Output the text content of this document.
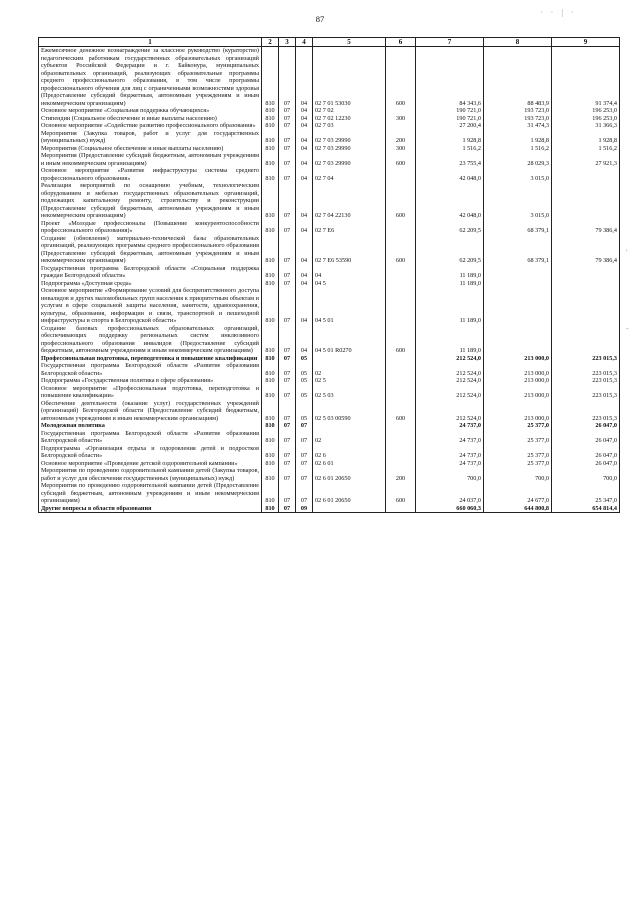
87
· · | ·
'
-
1	2	3	4	5	6	7	8	9
Ежемесячное денежное вознаграждение за классное руководство (кураторство) педагогическим работникам государственных образовательных организаций субъектов Российской Федерации и г. Байконура, муниципальных образовательных организаций, реализующих образовательные программы среднего профессионального образования, в том числе программы профессионального обучения для лиц с ограниченными возможностями здоровья (Предоставление субсидий бюджетным, автономным учреждениям и иным некоммерческим организациям)	810	07	04	02 7 01 53030	600	84 343,6	88 483,9	91 374,4
Основное мероприятие «Социальная поддержка обучающихся»	810	07	04	02 7 02		190 721,0	193 723,0	196 253,0
Стипендии (Социальное обеспечение и иные выплаты населению)	810	07	04	02 7 02 12230	300	190 721,0	193 723,0	196 253,0
Основное мероприятие «Содействие развитию профессионального образования»	810	07	04	02 7 03		27 200,4	31 474,3	31 366,3
Мероприятия (Закупка товаров, работ и услуг для государственных (муниципальных) нужд)	810	07	04	02 7 03 29990	200	1 928,8	1 928,8	1 928,8
Мероприятия (Социальное обеспечение и иные выплаты населению)	810	07	04	02 7 03 29990	300	1 516,2	1 516,2	1 516,2
Мероприятия (Предоставление субсидий бюджетным, автономным учреждениям и иным некоммерческим организациям)	810	07	04	02 7 03 29990	600	23 755,4	28 029,3	27 921,3
Основное мероприятие «Развитие инфраструктуры системы среднего профессионального образования»	810	07	04	02 7 04		42 048,0	3 015,0	
Реализация мероприятий по оснащению учебным, технологическим оборудованием и мебелью государственных образовательных организаций, подлежащих капитальному ремонту, строительству и реконструкции (Предоставление субсидий бюджетным, автономным учреждениям и иным некоммерческим организациям)	810	07	04	02 7 04 22130	600	42 048,0	3 015,0	
Проект «Молодые профессионалы (Повышение конкурентоспособности профессионального образования)»	810	07	04	02 7 Е6		62 209,5	68 379,1	79 386,4
Создание (обновление) материально-технической базы образовательных организаций, реализующих программы среднего профессионального образования (Предоставление субсидий бюджетным, автономным учреждениям и иным некоммерческим организациям)	810	07	04	02 7 Е6 53590	600	62 209,5	68 379,1	79 386,4
Государственная программа Белгородской области «Социальная поддержка граждан Белгородской области»	810	07	04	04		11 189,0		
Подпрограмма «Доступная среда»	810	07	04	04 5		11 189,0		
Основное мероприятие «Формирование условий для беспрепятственного доступа инвалидов и других маломобильных групп населения к приоритетным объектам и услугам в сфере социальной защиты населения, занятости, здравоохранения, культуры, образования, информации и связи, транспортной и пешеходной инфраструктуры и спорта в Белгородской области»	810	07	04	04 5 01		11 189,0		
Создание базовых профессиональных образовательных организаций, обеспечивающих поддержку региональных систем инклюзивного профессионального образования инвалидов (Предоставление субсидий бюджетным, автономным учреждениям и иным некоммерческим организациям)	810	07	04	04 5 01 R0270	600	11 189,0		
Профессиональная подготовка, переподготовка и повышение квалификации	810	07	05			212 524,0	213 000,0	223 015,3
Государственная программа Белгородской области «Развитие образования Белгородской области»	810	07	05	02		212 524,0	213 000,0	223 015,3
Подпрограмма «Государственная политика в сфере образования»	810	07	05	02 5		212 524,0	213 000,0	223 015,3
Основное мероприятие «Профессиональная подготовка, переподготовка и повышение квалификации»	810	07	05	02 5 03		212 524,0	213 000,0	223 015,3
Обеспечение деятельности (оказание услуг) государственных учреждений (организаций) Белгородской области (Предоставление субсидий бюджетным, автономным учреждениям и иным некоммерческим организациям)	810	07	05	02 5 03 00590	600	212 524,0	213 000,0	223 015,3
Молодежная политика	810	07	07			24 737,0	25 377,0	26 047,0
Государственная программа Белгородской области «Развитие образования Белгородской области»	810	07	07	02		24 737,0	25 377,0	26 047,0
Подпрограмма «Организация отдыха и оздоровления детей и подростков Белгородской области»	810	07	07	02 6		24 737,0	25 377,0	26 047,0
Основное мероприятие «Проведение детской оздоровительной кампании»	810	07	07	02 6 01		24 737,0	25 377,0	26 047,0
Мероприятия по проведению оздоровительной кампании детей (Закупка товаров, работ и услуг для обеспечения государственных (муниципальных) нужд)	810	07	07	02 6 01 20650	200	700,0	700,0	700,0
Мероприятия по проведению оздоровительной кампании детей (Предоставление субсидий бюджетным, автономным учреждениям и иным некоммерческим организациям)	810	07	07	02 6 01 20650	600	24 037,0	24 677,0	25 347,0
Другие вопросы в области образования	810	07	09			660 060,3	644 800,8	654 814,4
